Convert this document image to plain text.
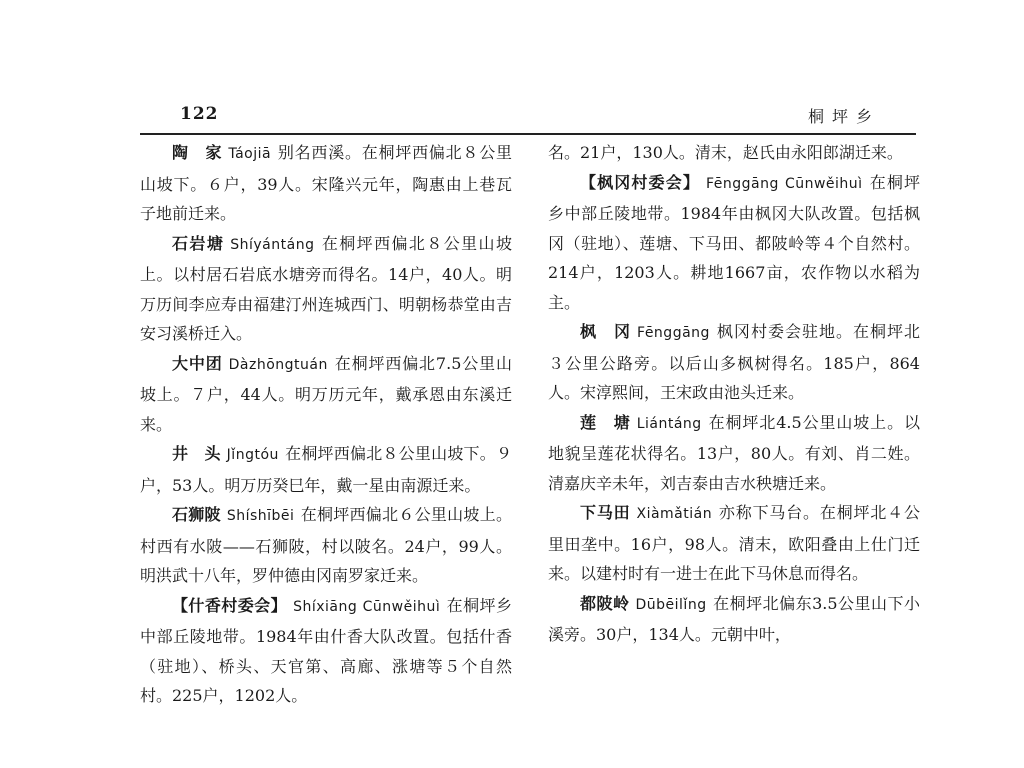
122	桐坪乡

陶　家 Táojiā 别名西溪。在桐坪西偏北８公里山坡下。６户，39人。宋隆兴元年，陶惠由上巷瓦子地前迁来。

石岩塘 Shíyántáng 在桐坪西偏北８公里山坡上。以村居石岩底水塘旁而得名。14户，40人。明万历间李应寿由福建汀州连城西门、明朝杨恭堂由吉安习溪桥迁入。

大中团 Dàzhōngtuán 在桐坪西偏北7.5公里山坡上。７户，44人。明万历元年，戴承恩由东溪迁来。

井　头 Jǐngtóu 在桐坪西偏北８公里山坡下。９户，53人。明万历癸巳年，戴一星由南源迁来。

石狮陂 Shíshībēi 在桐坪西偏北６公里山坡上。村西有水陂——石狮陂，村以陂名。24户，99人。明洪武十八年，罗仲德由冈南罗家迁来。

【什香村委会】 Shíxiāng Cūnwěihuì 在桐坪乡中部丘陵地带。1984年由什香大队改置。包括什香（驻地）、桥头、天官第、高廊、涨塘等５个自然村。225户，1202人。

名。21户，130人。清末，赵氏由永阳郎湖迁来。

【枫冈村委会】 Fēnggāng Cūnwěihuì 在桐坪乡中部丘陵地带。1984年由枫冈大队改置。包括枫冈（驻地）、莲塘、下马田、都陂岭等４个自然村。214户，1203人。耕地1667亩，农作物以水稻为主。

枫　冈 Fēnggāng 枫冈村委会驻地。在桐坪北３公里公路旁。以后山多枫树得名。185户，864人。宋淳熙间，王宋政由池头迁来。

莲　塘 Liántáng 在桐坪北4.5公里山坡上。以地貌呈莲花状得名。13户，80人。有刘、肖二姓。清嘉庆辛未年，刘吉泰由吉水秧塘迁来。

下马田 Xiàmǎtián 亦称下马台。在桐坪北４公里田垄中。16户，98人。清末，欧阳叠由上仕门迁来。以建村时有一进士在此下马休息而得名。

都陂岭 Dūbēilǐng 在桐坪北偏东3.5公里山下小溪旁。30户，134人。元朝中叶，
